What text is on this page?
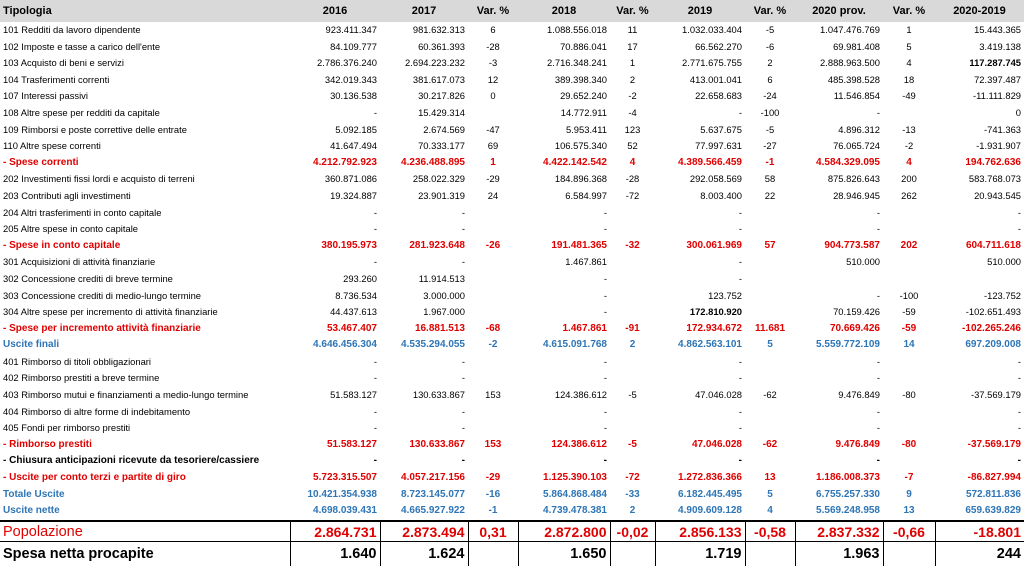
Tipologia	2016	2017	Var. %	2018	Var. %	2019	Var. %	2020 prov.	Var. %	2020-2019
101 Redditi da lavoro dipendente	923.411.347	981.632.313	6	1.088.556.018	11	1.032.033.404	-5	1.047.476.769	1	15.443.365
102 Imposte e tasse a carico dell'ente	84.109.777	60.361.393	-28	70.886.041	17	66.562.270	-6	69.981.408	5	3.419.138
103 Acquisto di beni e servizi	2.786.376.240	2.694.223.232	-3	2.716.348.241	1	2.771.675.755	2	2.888.963.500	4	117.287.745
104 Trasferimenti correnti	342.019.343	381.617.073	12	389.398.340	2	413.001.041	6	485.398.528	18	72.397.487
107 Interessi passivi	30.136.538	30.217.826	0	29.652.240	-2	22.658.683	-24	11.546.854	-49	-11.111.829
108 Altre spese per redditi da capitale	-	15.429.314		14.772.911	-4	-	-100	-		0
109 Rimborsi e poste correttive delle entrate	5.092.185	2.674.569	-47	5.953.411	123	5.637.675	-5	4.896.312	-13	-741.363
110 Altre spese correnti	41.647.494	70.333.177	69	106.575.340	52	77.997.631	-27	76.065.724	-2	-1.931.907
- Spese correnti	4.212.792.923	4.236.488.895	1	4.422.142.542	4	4.389.566.459	-1	4.584.329.095	4	194.762.636
202 Investimenti fissi lordi e acquisto di terreni	360.871.086	258.022.329	-29	184.896.368	-28	292.058.569	58	875.826.643	200	583.768.073
203 Contributi agli investimenti	19.324.887	23.901.319	24	6.584.997	-72	8.003.400	22	28.946.945	262	20.943.545
204 Altri trasferimenti in conto capitale	-	-		-		-		-		-
205 Altre spese in conto capitale	-	-		-		-		-		-
- Spese in conto capitale	380.195.973	281.923.648	-26	191.481.365	-32	300.061.969	57	904.773.587	202	604.711.618
301 Acquisizioni di attività finanziarie	-	-		1.467.861		-		510.000		510.000
302 Concessione crediti di breve termine	293.260	11.914.513		-		-				
303 Concessione crediti di medio-lungo termine	8.736.534	3.000.000		-		123.752		-	-100	-123.752
304 Altre spese per incremento di attività finanziarie	44.437.613	1.967.000		-		172.810.920		70.159.426	-59	-102.651.493
- Spese per incremento attività finanziarie	53.467.407	16.881.513	-68	1.467.861	-91	172.934.672	11.681	70.669.426	-59	-102.265.246
Uscite finali	4.646.456.304	4.535.294.055	-2	4.615.091.768	2	4.862.563.101	5	5.559.772.109	14	697.209.008
401 Rimborso di titoli obbligazionari	-	-		-		-		-		-
402 Rimborso prestiti a breve termine	-	-		-		-		-		-
403 Rimborso mutui e finanziamenti a medio-lungo termine	51.583.127	130.633.867	153	124.386.612	-5	47.046.028	-62	9.476.849	-80	-37.569.179
404 Rimborso di altre forme di indebitamento	-	-		-		-		-		-
405 Fondi per rimborso prestiti	-	-		-		-		-		-
- Rimborso prestiti	51.583.127	130.633.867	153	124.386.612	-5	47.046.028	-62	9.476.849	-80	-37.569.179
- Chiusura anticipazioni ricevute da tesoriere/cassiere	-	-		-		-		-		-
- Uscite per conto terzi e partite di giro	5.723.315.507	4.057.217.156	-29	1.125.390.103	-72	1.272.836.366	13	1.186.008.373	-7	-86.827.994
Totale Uscite	10.421.354.938	8.723.145.077	-16	5.864.868.484	-33	6.182.445.495	5	6.755.257.330	9	572.811.836
Uscite nette	4.698.039.431	4.665.927.922	-1	4.739.478.381	2	4.909.609.128	4	5.569.248.958	13	659.639.829
Popolazione	2.864.731	2.873.494	0,31	2.872.800	-0,02	2.856.133	-0,58	2.837.332	-0,66	-18.801
Spesa netta procapite	1.640	1.624		1.650		1.719		1.963		244
